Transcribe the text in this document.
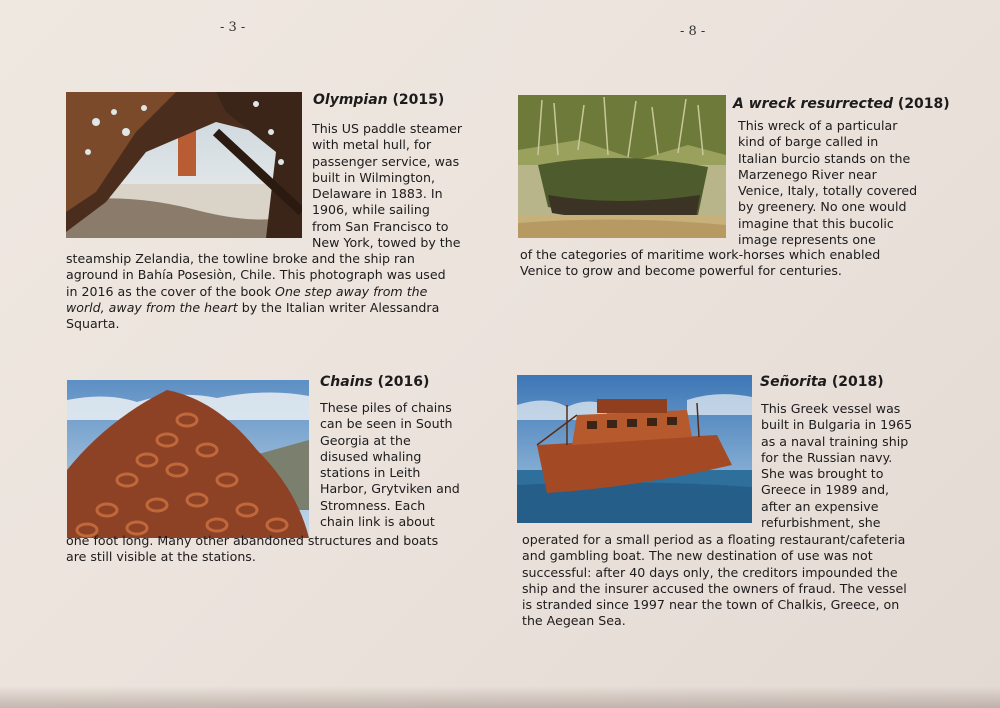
- 3 -	- 8 -
Olympian (2015)
This US paddle steamer
with metal hull, for
passenger service, was
built in Wilmington,
Delaware in 1883. In
1906, while sailing
from San Francisco to
New York, towed by the
steamship Zelandia, the towline broke and the ship ran
aground in Bahía Posesiòn, Chile. This photograph was used
in 2016 as the cover of the book One step away from the
world, away from the heart by the Italian writer Alessandra
Squarta.
A wreck resurrected (2018)
This wreck of a particular
kind of barge called in
Italian burcio stands on the
Marzenego River near
Venice, Italy, totally covered
by greenery. No one would
imagine that this bucolic
image represents one
of the categories of maritime work-horses which enabled
Venice to grow and become powerful for centuries.
Chains (2016)
These piles of chains
can be seen in South
Georgia at the
disused whaling
stations in Leith
Harbor, Grytviken and
Stromness. Each
chain link is about
one foot long. Many other abandoned structures and boats
are still visible at the stations.
Señorita (2018)
This Greek vessel was
built in Bulgaria in 1965
as a naval training ship
for the Russian navy.
She was brought to
Greece in 1989 and,
after an expensive
refurbishment, she
operated for a small period as a floating restaurant/cafeteria
and gambling boat. The new destination of use was not
successful: after 40 days only, the creditors impounded the
ship and the insurer accused the owners of fraud. The vessel
is stranded since 1997 near the town of Chalkis, Greece, on
the Aegean Sea.
